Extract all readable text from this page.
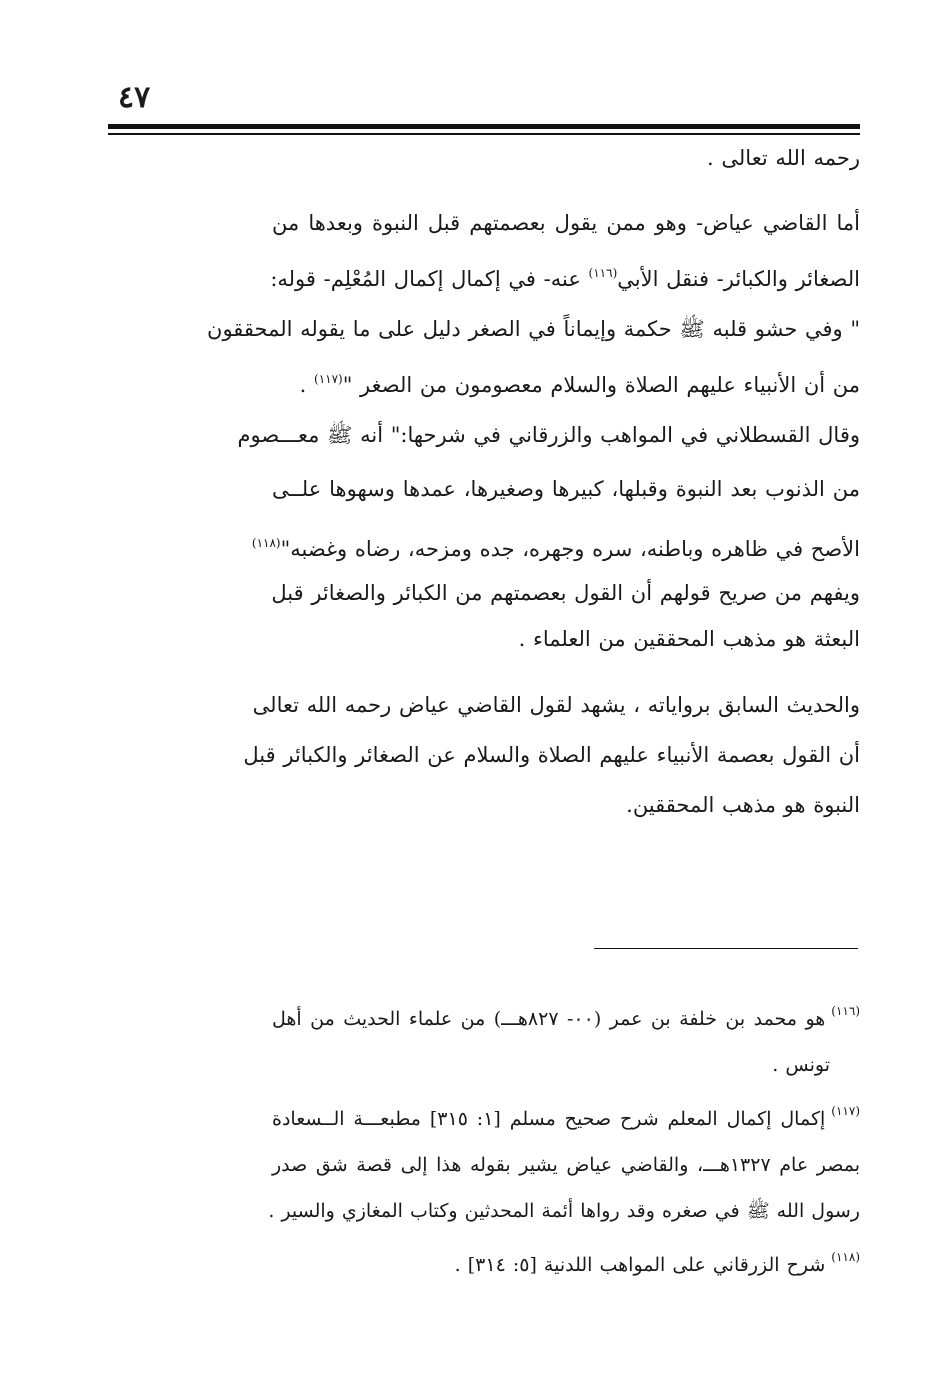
٤٧
رحمه الله تعالى .
أما القاضي عياض- وهو ممن يقول بعصمتهم قبل النبوة وبعدها من
الصغائر والكبائر- فنقل الأبي$^{(١١٦)}$ عنه- في إكمال إكمال المُعْلِم- قوله:
" وفي حشو قلبه ﷺ حكمة وإيماناً في الصغر دليل على ما يقوله المحققون
من أن الأنبياء عليهم الصلاة والسلام معصومون من الصغر "$^{(١١٧)}$ .
وقال القسطلاني في المواهب والزرقاني في شرحها:" أنه ﷺ معـــصوم
من الذنوب بعد النبوة وقبلها، كبيرها وصغيرها، عمدها وسهوها علــى
الأصح في ظاهره وباطنه، سره وجهره، جده ومزحه، رضاه وغضبه"$^{(١١٨)}$
ويفهم من صريح قولهم أن القول بعصمتهم من الكبائر والصغائر قبل
البعثة هو مذهب المحققين من العلماء .
والحديث السابق برواياته ، يشهد لقول القاضي عياض رحمه الله تعالى
أن القول بعصمة الأنبياء عليهم الصلاة والسلام عن الصغائر والكبائر قبل
النبوة هو مذهب المحققين.
$^{(١١٦)}$هو محمد بن خلفة بن عمر (٠٠- ٨٢٧هـــ) من علماء الحديث من أهل
تونس .
$^{(١١٧)}$إكمال إكمال المعلم شرح صحيح مسلم [١: ٣١٥] مطبعـــة الــسعادة
بمصر عام ١٣٢٧هـــ، والقاضي عياض يشير بقوله هذا إلى قصة شق صدر
رسول الله ﷺ في صغره وقد رواها أئمة المحدثين وكتاب المغازي والسير .
$^{(١١٨)}$شرح الزرقاني على المواهب اللدنية [٥: ٣١٤] .
